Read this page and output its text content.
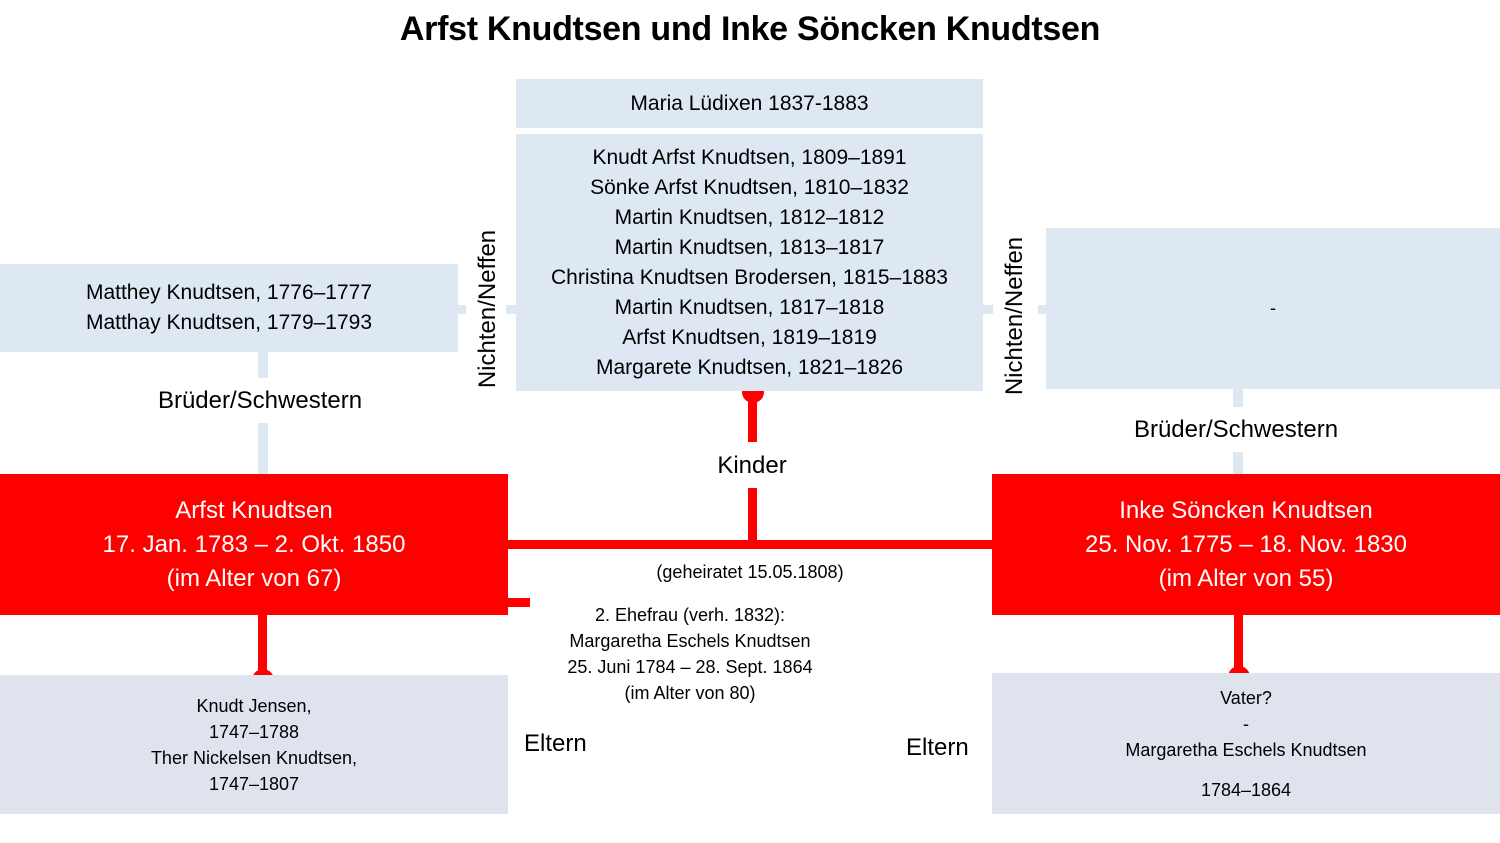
Arfst Knudtsen und Inke Söncken Knudtsen
Maria Lüdixen 1837-1883
Knudt Arfst Knudtsen, 1809–1891
Sönke Arfst Knudtsen, 1810–1832
Martin Knudtsen, 1812–1812
Martin Knudtsen, 1813–1817
Christina Knudtsen Brodersen, 1815–1883
Martin Knudtsen, 1817–1818
Arfst Knudtsen, 1819–1819
Margarete Knudtsen, 1821–1826
Matthey Knudtsen, 1776–1777
Matthay Knudtsen, 1779–1793
-
Nichten/Neffen	Nichten/Neffen
Brüder/Schwestern
Brüder/Schwestern
Kinder
Arfst Knudtsen
17. Jan. 1783 – 2. Okt. 1850
(im Alter von 67)
Inke Söncken Knudtsen
25. Nov. 1775 – 18. Nov. 1830
(im Alter von 55)
(geheiratet 15.05.1808)
2. Ehefrau (verh. 1832):
Margaretha Eschels Knudtsen
25. Juni 1784 – 28. Sept. 1864
(im Alter von 80)
Knudt Jensen,
1747–1788
Ther Nickelsen Knudtsen,
1747–1807
Vater?
-
Margaretha Eschels Knudtsen
1784–1864
Eltern	Eltern
